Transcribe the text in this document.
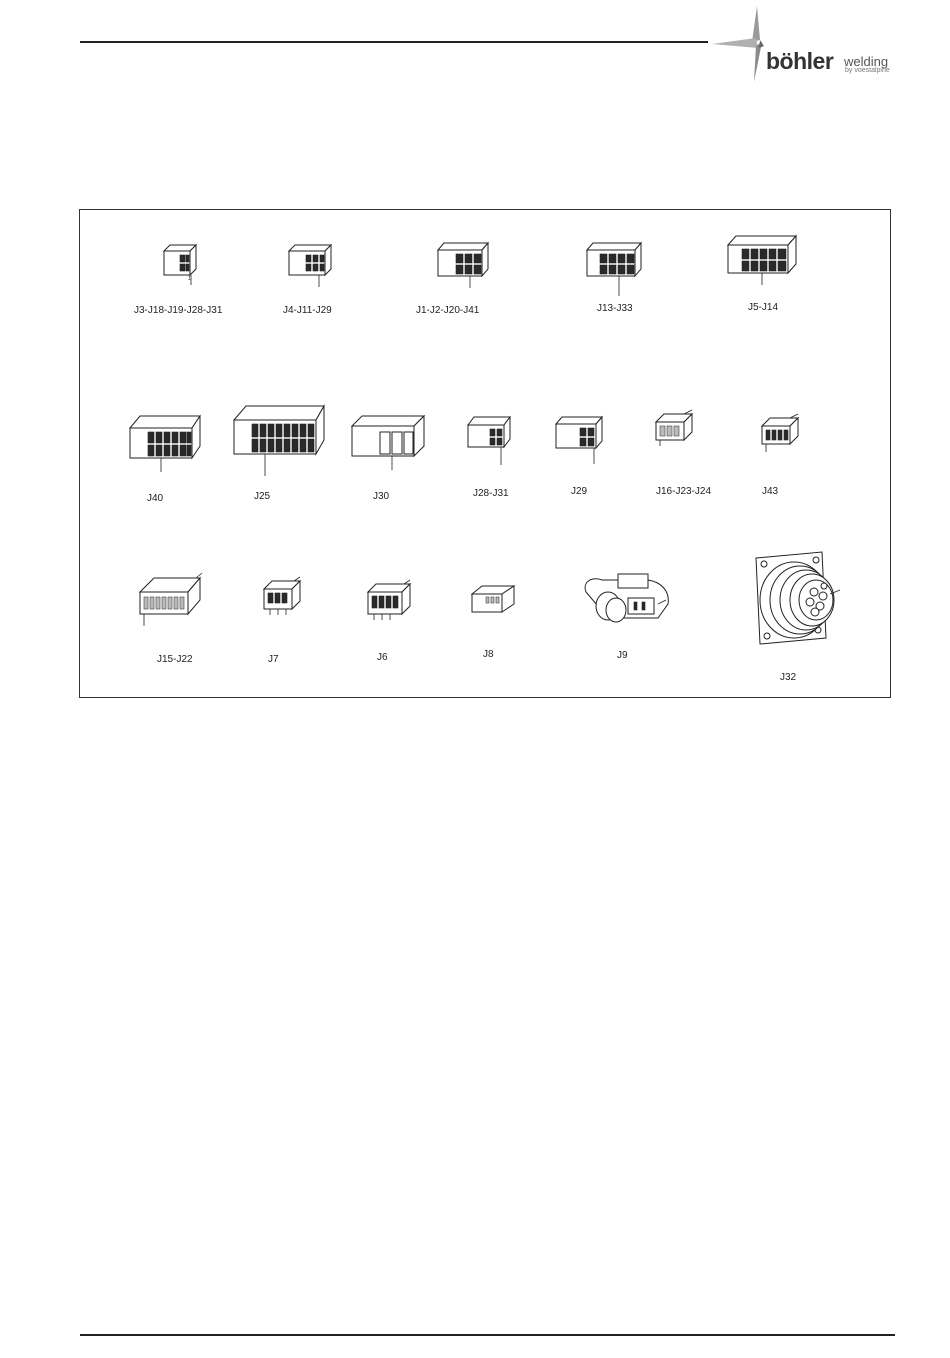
böhler welding
by voestalpine
1
J3-J18-J19-J28-J31	J4-J11-J29	J1-J2-J20-J41	J13-J33	J5-J14
J40	J25	J30	J28-J31	J29	J16-J23-J24	J43
J15-J22	J7	J6	J8	J9
J32
